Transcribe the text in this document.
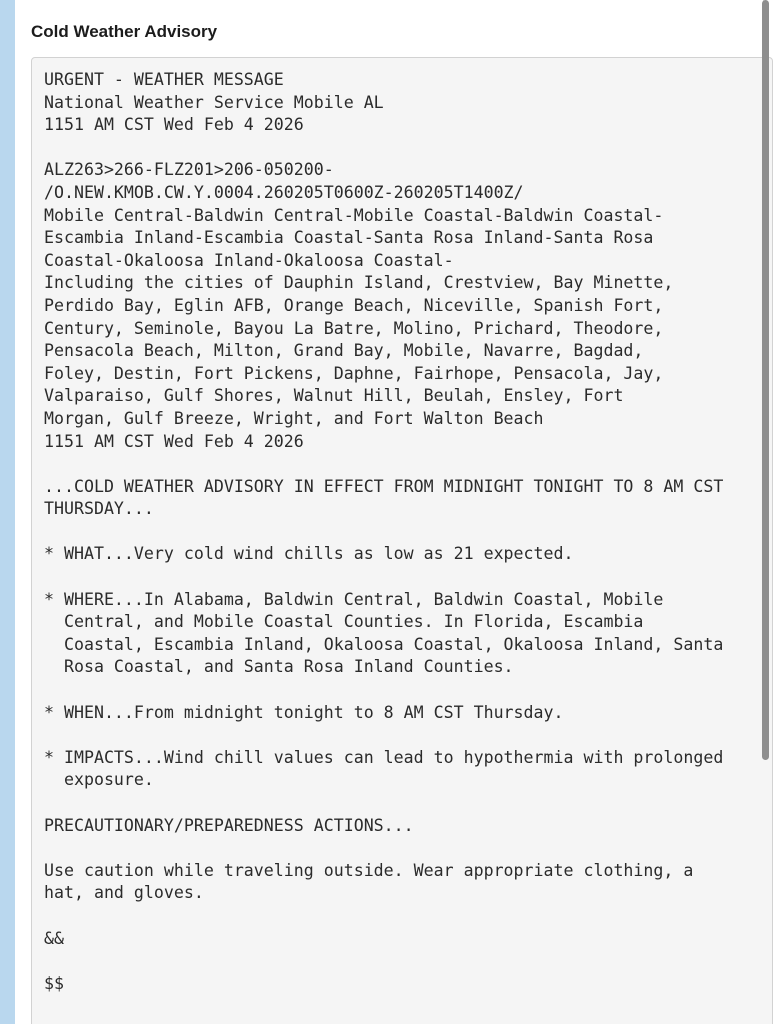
Cold Weather Advisory
URGENT - WEATHER MESSAGE
National Weather Service Mobile AL
1151 AM CST Wed Feb 4 2026

ALZ263>266-FLZ201>206-050200-
/O.NEW.KMOB.CW.Y.0004.260205T0600Z-260205T1400Z/
Mobile Central-Baldwin Central-Mobile Coastal-Baldwin Coastal-
Escambia Inland-Escambia Coastal-Santa Rosa Inland-Santa Rosa
Coastal-Okaloosa Inland-Okaloosa Coastal-
Including the cities of Dauphin Island, Crestview, Bay Minette,
Perdido Bay, Eglin AFB, Orange Beach, Niceville, Spanish Fort,
Century, Seminole, Bayou La Batre, Molino, Prichard, Theodore,
Pensacola Beach, Milton, Grand Bay, Mobile, Navarre, Bagdad,
Foley, Destin, Fort Pickens, Daphne, Fairhope, Pensacola, Jay,
Valparaiso, Gulf Shores, Walnut Hill, Beulah, Ensley, Fort
Morgan, Gulf Breeze, Wright, and Fort Walton Beach
1151 AM CST Wed Feb 4 2026

...COLD WEATHER ADVISORY IN EFFECT FROM MIDNIGHT TONIGHT TO 8 AM CST
THURSDAY...

* WHAT...Very cold wind chills as low as 21 expected.

* WHERE...In Alabama, Baldwin Central, Baldwin Coastal, Mobile
Central, and Mobile Coastal Counties. In Florida, Escambia
Coastal, Escambia Inland, Okaloosa Coastal, Okaloosa Inland, Santa
Rosa Coastal, and Santa Rosa Inland Counties.

* WHEN...From midnight tonight to 8 AM CST Thursday.

* IMPACTS...Wind chill values can lead to hypothermia with prolonged
exposure.

PRECAUTIONARY/PREPAREDNESS ACTIONS...

Use caution while traveling outside. Wear appropriate clothing, a
hat, and gloves.

&&

$$
